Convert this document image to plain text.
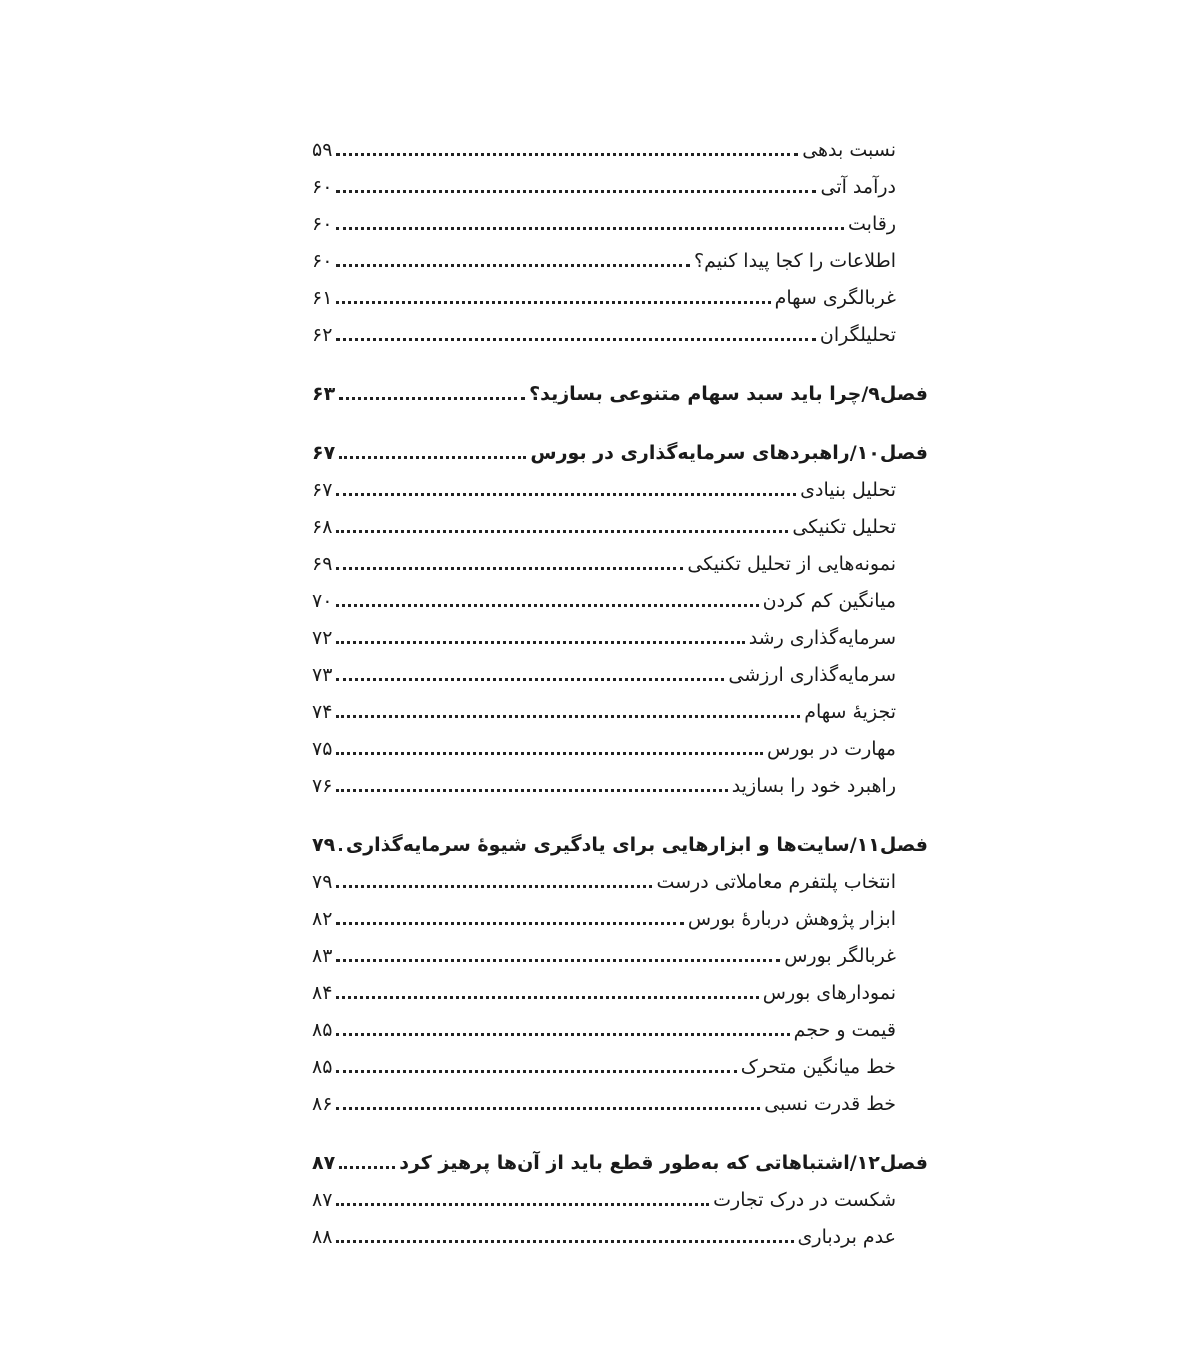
نسبت بدهی
۵۹
درآمد آتی
۶۰
رقابت
۶۰
اطلاعات را کجا پیدا کنیم؟
۶۰
غربالگری سهام
۶۱
تحلیلگران
۶۲
فصل۹/چرا باید سبد سهام متنوعی بسازید؟
۶۳
فصل۱۰/راهبردهای سرمایه‌گذاری در بورس
۶۷
تحلیل بنیادی
۶۷
تحلیل تکنیکی
۶۸
نمونه‌هایی از تحلیل تکنیکی
۶۹
میانگین کم کردن
۷۰
سرمایه‌گذاری رشد
۷۲
سرمایه‌گذاری ارزشی
۷۳
تجزیۀ سهام
۷۴
مهارت در بورس
۷۵
راهبرد خود را بسازید
۷۶
فصل۱۱/سایت‌ها و ابزارهایی برای یادگیری شیوۀ سرمایه‌گذاری
۷۹
انتخاب پلتفرم معاملاتی درست
۷۹
ابزار پژوهش دربارۀ بورس
۸۲
غربالگر بورس
۸۳
نمودارهای بورس
۸۴
قیمت و حجم
۸۵
خط میانگین متحرک
۸۵
خط قدرت نسبی
۸۶
فصل۱۲/اشتباهاتی که به‌طور قطع باید از آن‌ها پرهیز کرد
۸۷
شکست در درک تجارت
۸۷
عدم بردباری
۸۸
